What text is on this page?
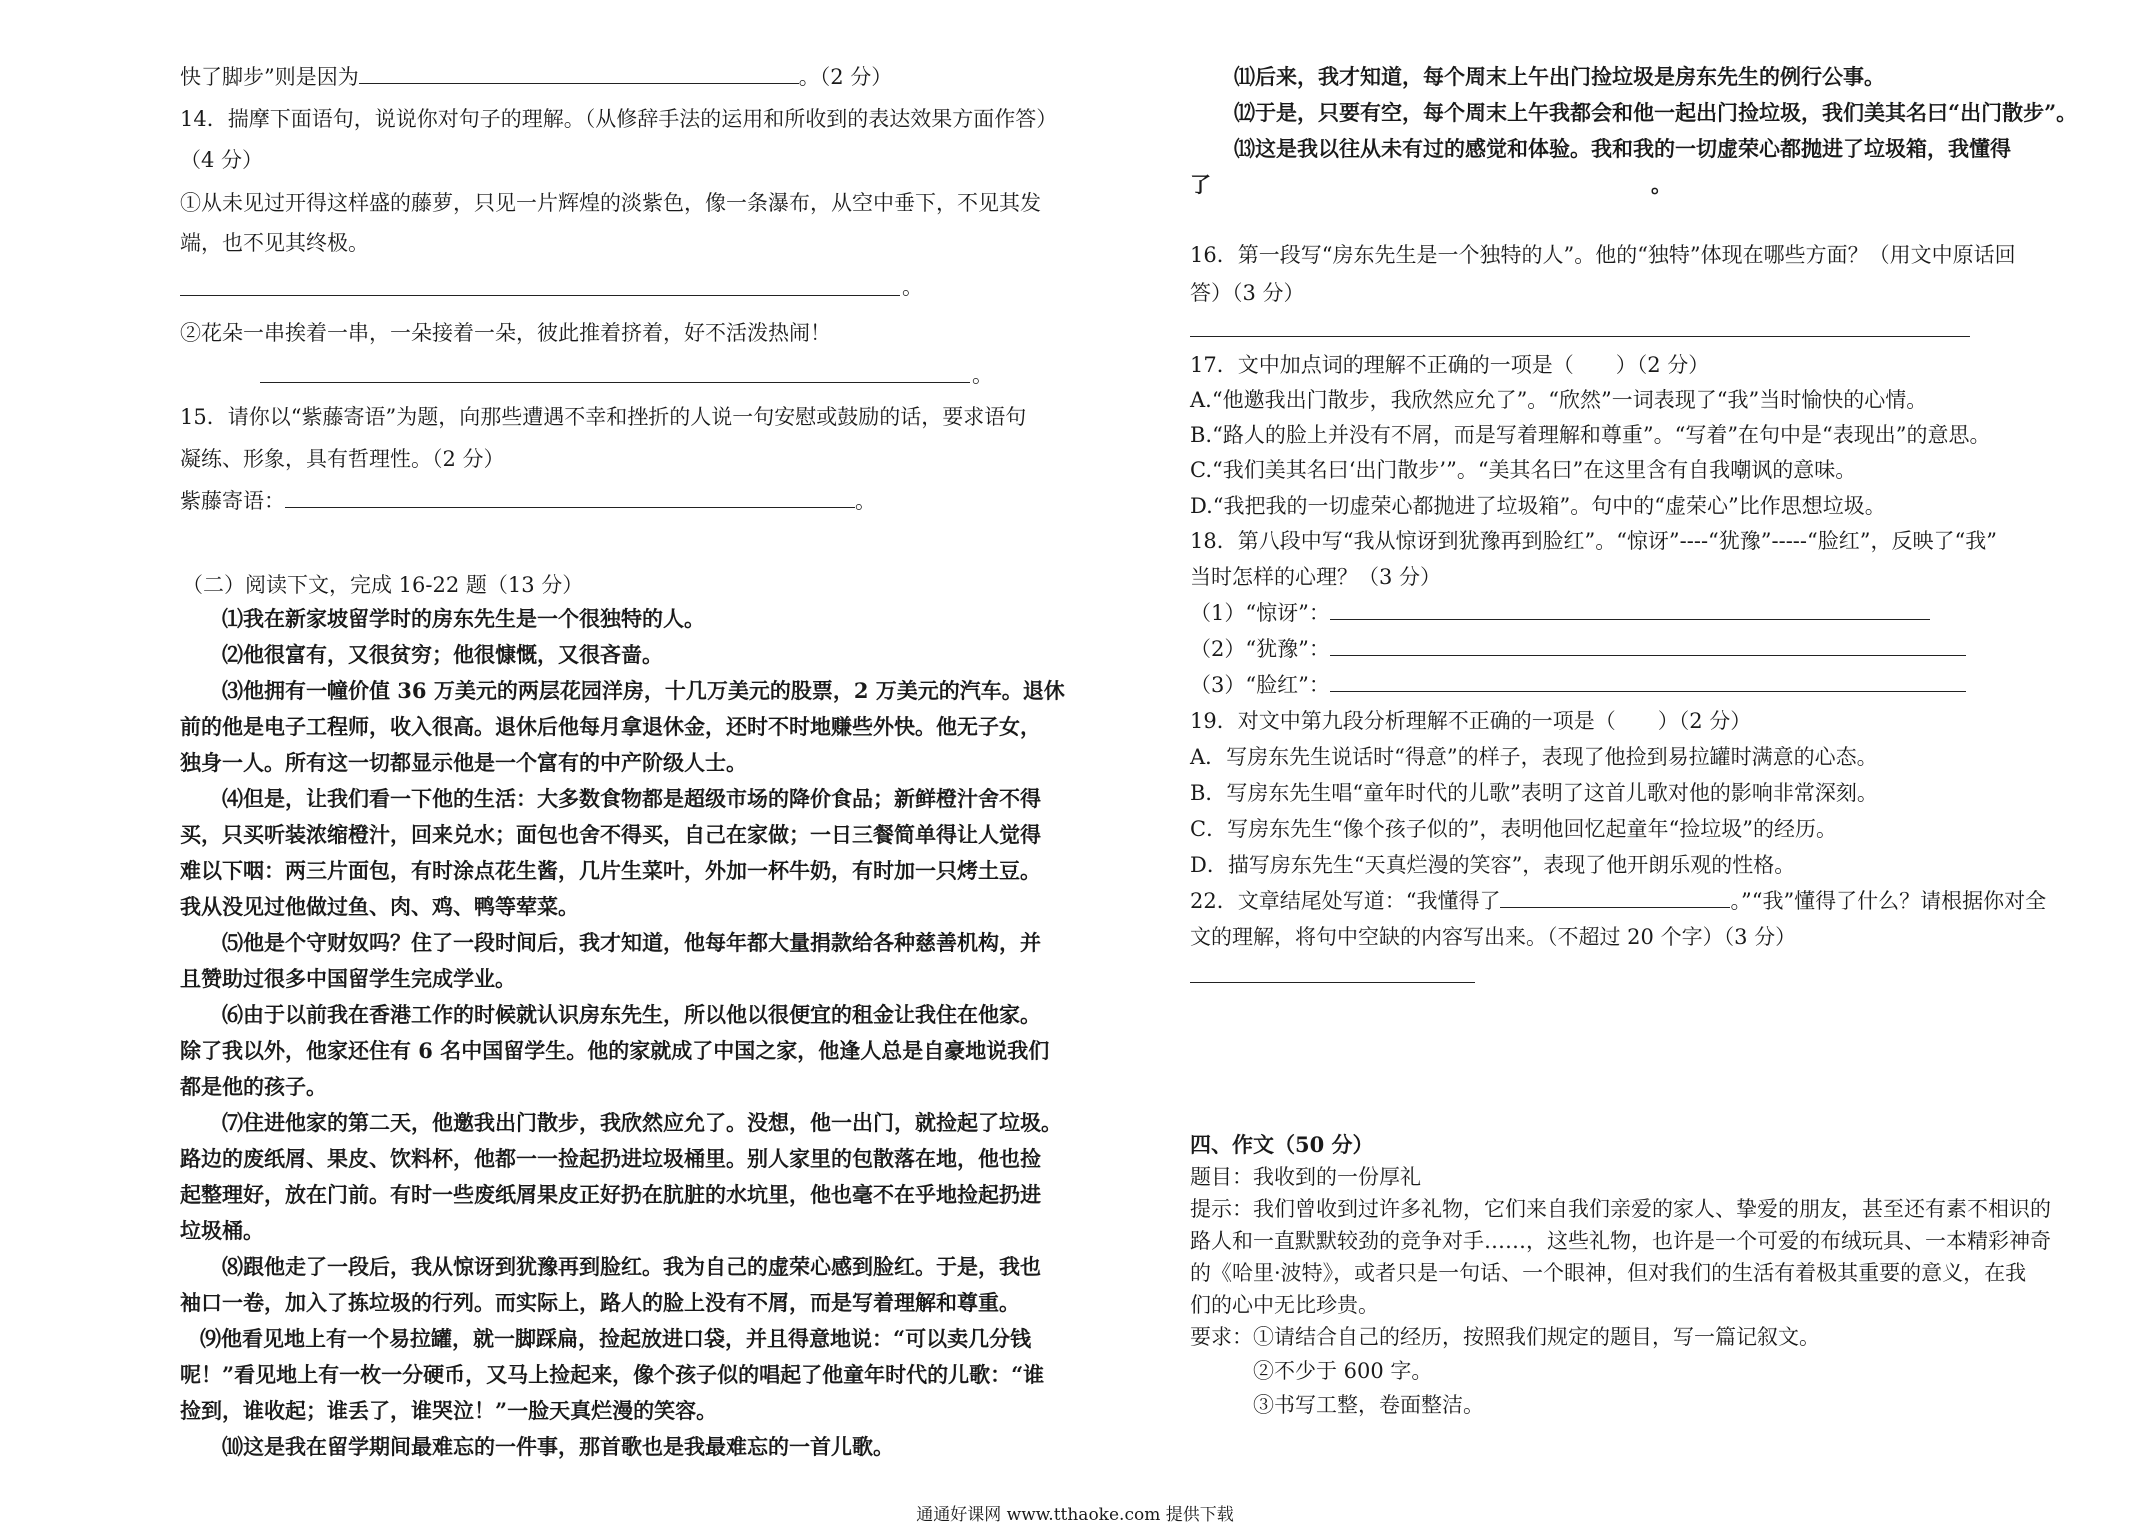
快了脚步”则是因为	。（2 分）
14．揣摩下面语句，说说你对句子的理解。（从修辞手法的运用和所收到的表达效果方面作答）
（4 分）
①从未见过开得这样盛的藤萝，只见一片辉煌的淡紫色，像一条瀑布，从空中垂下，不见其发
端，也不见其终极。
。
②花朵一串挨着一串，一朵接着一朵，彼此推着挤着，好不活泼热闹！
。
15．请你以“紫藤寄语”为题，向那些遭遇不幸和挫折的人说一句安慰或鼓励的话，要求语句
凝练、形象，具有哲理性。（2 分）
紫藤寄语：	。
（二）阅读下文，完成 16-22 题（13 分）
⑴我在新家坡留学时的房东先生是一个很独特的人。
⑵他很富有，又很贫穷；他很慷慨，又很吝啬。
⑶他拥有一幢价值 36 万美元的两层花园洋房，十几万美元的股票，2 万美元的汽车。退休
前的他是电子工程师，收入很高。退休后他每月拿退休金，还时不时地赚些外快。他无子女，
独身一人。所有这一切都显示他是一个富有的中产阶级人士。
⑷但是，让我们看一下他的生活：大多数食物都是超级市场的降价食品；新鲜橙汁舍不得
买，只买听装浓缩橙汁，回来兑水；面包也舍不得买，自己在家做；一日三餐简单得让人觉得
难以下咽：两三片面包，有时涂点花生酱，几片生菜叶，外加一杯牛奶，有时加一只烤土豆。
我从没见过他做过鱼、肉、鸡、鸭等荤菜。
⑸他是个守财奴吗？住了一段时间后，我才知道，他每年都大量捐款给各种慈善机构，并
且赞助过很多中国留学生完成学业。
⑹由于以前我在香港工作的时候就认识房东先生，所以他以很便宜的租金让我住在他家。
除了我以外，他家还住有 6 名中国留学生。他的家就成了中国之家，他逢人总是自豪地说我们
都是他的孩子。
⑺住进他家的第二天，他邀我出门散步，我欣然应允了。没想，他一出门，就捡起了垃圾。
路边的废纸屑、果皮、饮料杯，他都一一捡起扔进垃圾桶里。别人家里的包散落在地，他也捡
起整理好，放在门前。有时一些废纸屑果皮正好扔在肮脏的水坑里，他也毫不在乎地捡起扔进
垃圾桶。
⑻跟他走了一段后，我从惊讶到犹豫再到脸红。我为自己的虚荣心感到脸红。于是，我也
袖口一卷，加入了拣垃圾的行列。而实际上，路人的脸上没有不屑，而是写着理解和尊重。
⑼他看见地上有一个易拉罐，就一脚踩扁，捡起放进口袋，并且得意地说：“可以卖几分钱
呢！”看见地上有一枚一分硬币，又马上捡起来，像个孩子似的唱起了他童年时代的儿歌：“谁
捡到，谁收起；谁丢了，谁哭泣！”一脸天真烂漫的笑容。
⑽这是我在留学期间最难忘的一件事，那首歌也是我最难忘的一首儿歌。
⑾后来，我才知道，每个周末上午出门捡垃圾是房东先生的例行公事。
⑿于是，只要有空，每个周末上午我都会和他一起出门捡垃圾，我们美其名曰“出门散步”。
⒀这是我以往从未有过的感觉和体验。我和我的一切虚荣心都抛进了垃圾箱，我懂得
了	。
16．第一段写“房东先生是一个独特的人”。他的“独特”体现在哪些方面？（用文中原话回
答）（3 分）
17．文中加点词的理解不正确的一项是（　　）（2 分）
A.“他邀我出门散步，我欣然应允了”。“欣然”一词表现了“我”当时愉快的心情。
B.“路人的脸上并没有不屑，而是写着理解和尊重”。“写着”在句中是“表现出”的意思。
C.“我们美其名曰‘出门散步’”。“美其名曰”在这里含有自我嘲讽的意味。
D.“我把我的一切虚荣心都抛进了垃圾箱”。句中的“虚荣心”比作思想垃圾。
18．第八段中写“我从惊讶到犹豫再到脸红”。“惊讶”----“犹豫”-----“脸红”，反映了“我”
当时怎样的心理？（3 分）
（1）“惊讶”：
（2）“犹豫”：
（3）“脸红”：
19．对文中第九段分析理解不正确的一项是（　　）（2 分）
A．写房东先生说话时“得意”的样子，表现了他捡到易拉罐时满意的心态。
B．写房东先生唱“童年时代的儿歌”表明了这首儿歌对他的影响非常深刻。
C．写房东先生“像个孩子似的”，表明他回忆起童年“捡垃圾”的经历。
D．描写房东先生“天真烂漫的笑容”，表现了他开朗乐观的性格。
22．文章结尾处写道：“我懂得了	。”“我”懂得了什么？请根据你对全
文的理解，将句中空缺的内容写出来。（不超过 20 个字）（3 分）
四、作文（50 分）
题目：我收到的一份厚礼
提示：我们曾收到过许多礼物，它们来自我们亲爱的家人、挚爱的朋友，甚至还有素不相识的
路人和一直默默较劲的竞争对手……，这些礼物，也许是一个可爱的布绒玩具、一本精彩神奇
的《哈里·波特》，或者只是一句话、一个眼神，但对我们的生活有着极其重要的意义，在我
们的心中无比珍贵。
要求：①请结合自己的经历，按照我们规定的题目，写一篇记叙文。
②不少于 600 字。
③书写工整，卷面整洁。
通通好课网 www.tthaoke.com 提供下载
